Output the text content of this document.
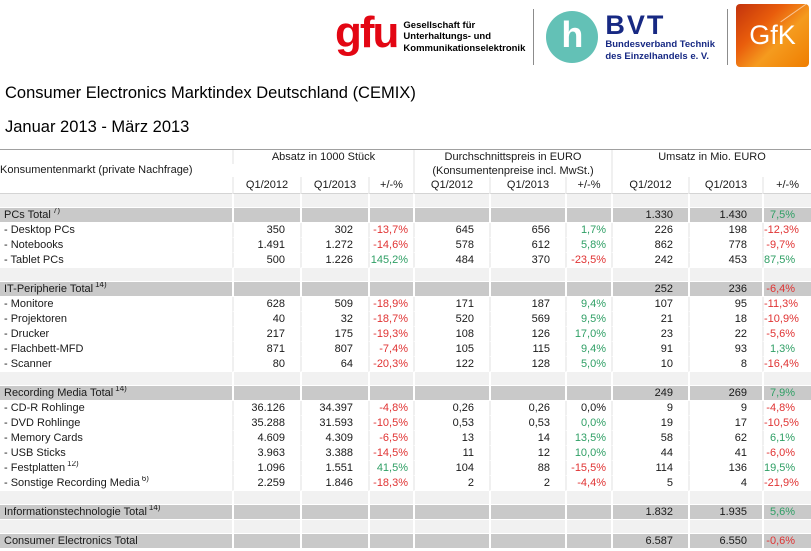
gfu Gesellschaft für
Unterhaltungs- und
Kommunikationselektronik h BVT
Bundesverband Technik
des Einzelhandels e. V.
GfK
Consumer Electronics Marktindex Deutschland (CEMIX)
Januar 2013 - März 2013
Konsumentenmarkt (private Nachfrage)	Absatz in 1000 Stück			Durchschnittspreis in EURO			Umsatz in Mio. EURO		
				(Konsumentenpreise incl. MwSt.)					
	Q1/2012	Q1/2013	+/-%	Q1/2012	Q1/2013	+/-%	Q1/2012	Q1/2013	+/-%

PCs Total $^{7)}$							1.330	1.430	7,5%
- Desktop PCs	350	302	-13,7%	645	656	1,7%	226	198	-12,3%
- Notebooks	1.491	1.272	-14,6%	578	612	5,8%	862	778	-9,7%
- Tablet PCs	500	1.226	145,2%	484	370	-23,5%	242	453	87,5%

IT-Peripherie Total $^{14)}$							252	236	-6,4%
- Monitore	628	509	-18,9%	171	187	9,4%	107	95	-11,3%
- Projektoren	40	32	-18,7%	520	569	9,5%	21	18	-10,9%
- Drucker	217	175	-19,3%	108	126	17,0%	23	22	-5,6%
- Flachbett-MFD	871	807	-7,4%	105	115	9,4%	91	93	1,3%
- Scanner	80	64	-20,3%	122	128	5,0%	10	8	-16,4%

Recording Media Total $^{14)}$							249	269	7,9%
- CD-R Rohlinge	36.126	34.397	-4,8%	0,26	0,26	0,0%	9	9	-4,8%
- DVD Rohlinge	35.288	31.593	-10,5%	0,53	0,53	0,0%	19	17	-10,5%
- Memory Cards	4.609	4.309	-6,5%	13	14	13,5%	58	62	6,1%
- USB Sticks	3.963	3.388	-14,5%	11	12	10,0%	44	41	-6,0%
- Festplatten $^{12)}$	1.096	1.551	41,5%	104	88	-15,5%	114	136	19,5%
- Sonstige Recording Media $^{6)}$	2.259	1.846	-18,3%	2	2	-4,4%	5	4	-21,9%

Informationstechnologie Total $^{14)}$							1.832	1.935	5,6%

Consumer Electronics Total							6.587	6.550	-0,6%
